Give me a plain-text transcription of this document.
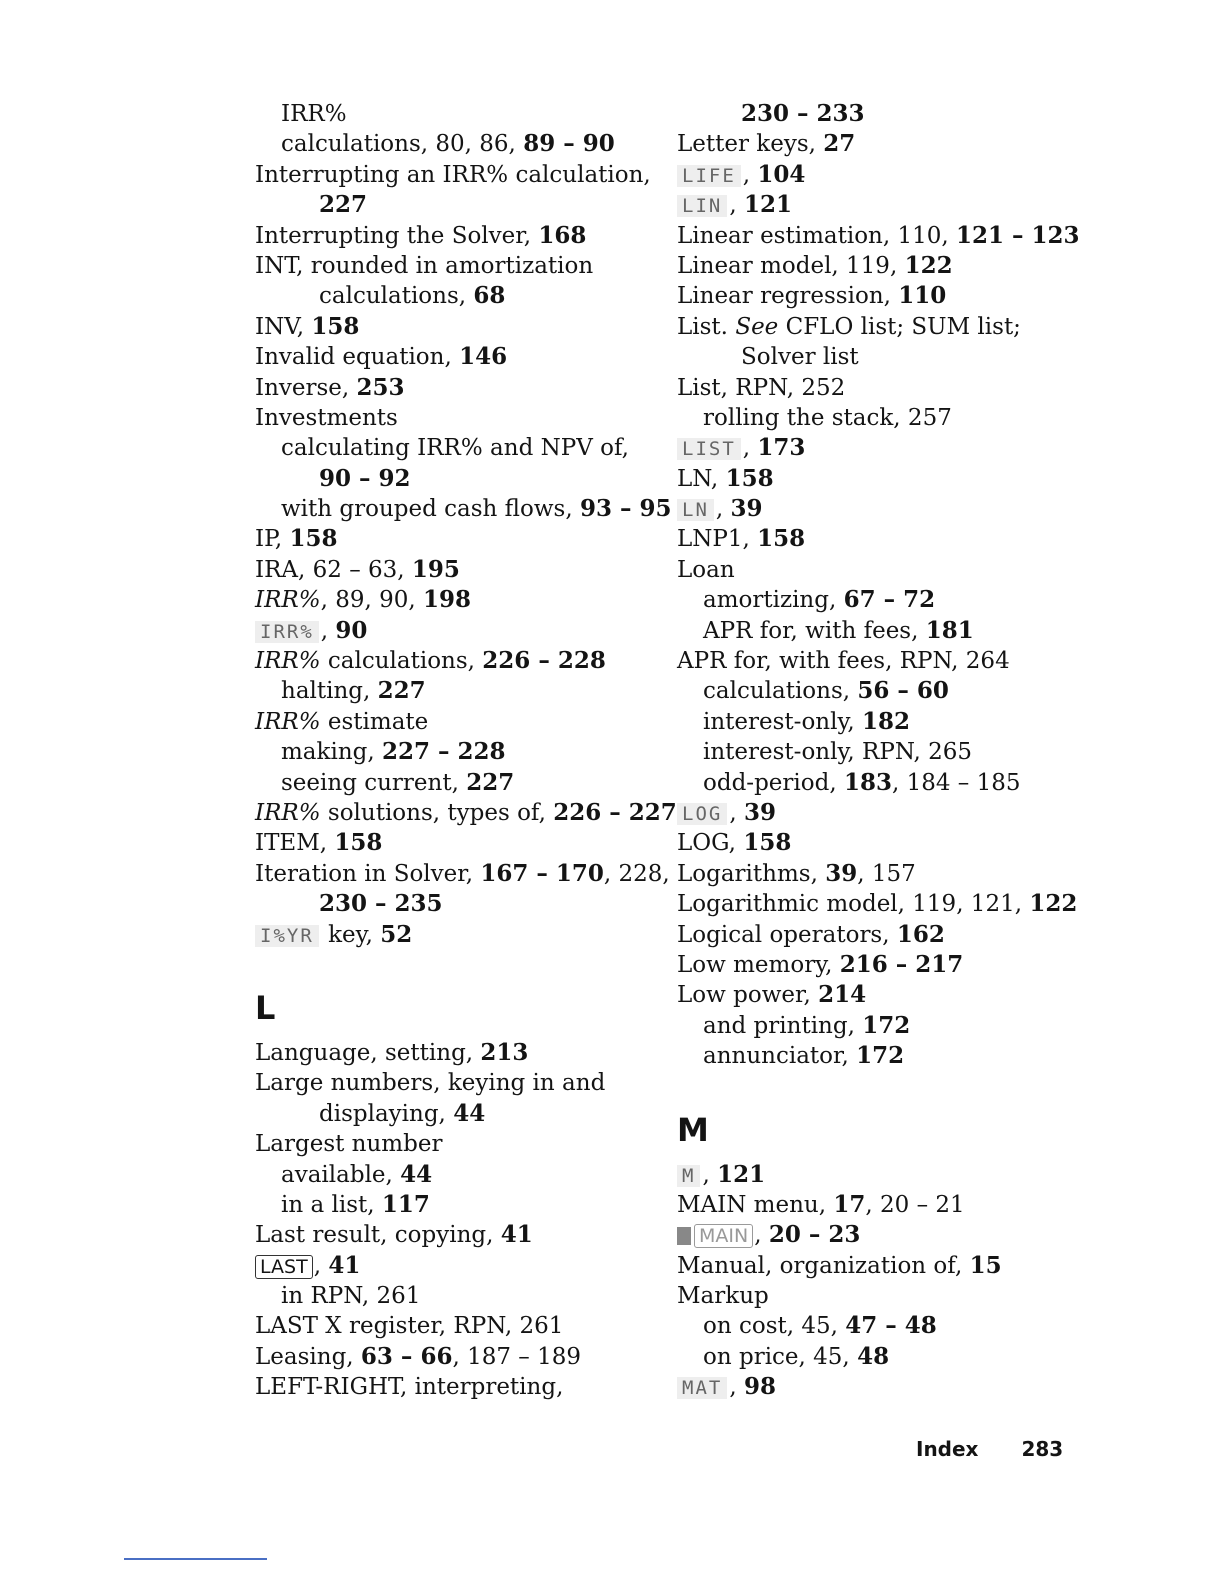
IRR%
calculations, 80, 86, 89 – 90
Interrupting an IRR% calculation,
227
Interrupting the Solver, 168
INT, rounded in amortization
calculations, 68
INV, 158
Invalid equation, 146
Inverse, 253
Investments
calculating IRR% and NPV of,
90 – 92
with grouped cash flows, 93 – 95
IP, 158
IRA, 62 – 63, 195
IRR%, 89, 90, 198
IRR% , 90
IRR% calculations, 226 – 228
halting, 227
IRR% estimate
making, 227 – 228
seeing current, 227
IRR% solutions, types of, 226 – 227
ITEM, 158
Iteration in Solver, 167 – 170, 228,
230 – 235
I%YR key, 52
L
Language, setting, 213
Large numbers, keying in and
displaying, 44
Largest number
available, 44
in a list, 117
Last result, copying, 41
LAST , 41
in RPN, 261
LAST X register, RPN, 261
Leasing, 63 – 66, 187 – 189
LEFT-RIGHT, interpreting,
230 – 233
Letter keys, 27
LIFE , 104
LIN , 121
Linear estimation, 110, 121 – 123
Linear model, 119, 122
Linear regression, 110
List. See CFLO list; SUM list;
Solver list
List, RPN, 252
rolling the stack, 257
LIST , 173
LN, 158
LN , 39
LNP1, 158
Loan
amortizing, 67 – 72
APR for, with fees, 181
APR for, with fees, RPN, 264
calculations, 56 – 60
interest-only, 182
interest-only, RPN, 265
odd-period, 183, 184 – 185
LOG , 39
LOG, 158
Logarithms, 39, 157
Logarithmic model, 119, 121, 122
Logical operators, 162
Low memory, 216 – 217
Low power, 214
and printing, 172
annunciator, 172
M
M , 121
MAIN menu, 17, 20 – 21
MAIN , 20 – 23
Manual, organization of, 15
Markup
on cost, 45, 47 – 48
on price, 45, 48
MAT , 98
Index 283
